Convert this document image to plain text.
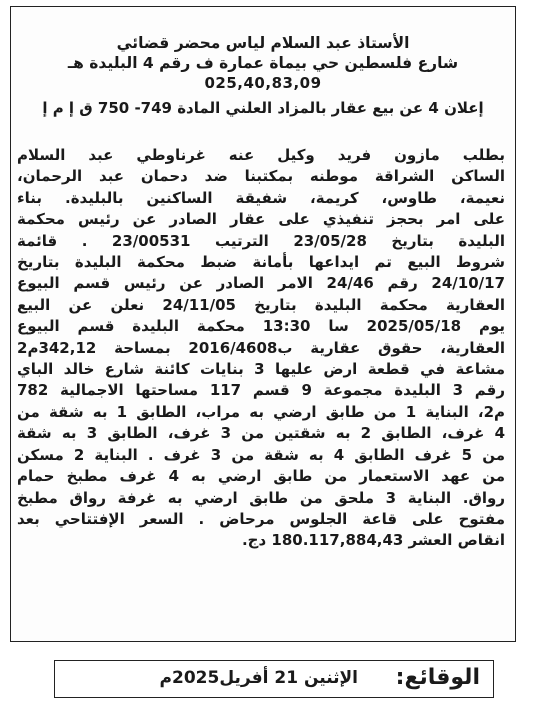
الأستاذ عبد السلام لياس محضر قضائي
شارع فلسطين حي بيماة عمارة ف رقم 4 البليدة هـ
025,40,83,09
إعلان 4 عن بيع عقار بالمزاد العلني المادة 749- 750 ق إ م إ
بطلب مازون فريد وكيل عنه غرناوطي عبد السلام
الساكن الشراقة موطنه بمكتبنا ضد دحمان عبد الرحمان،
نعيمة، طاوس، كريمة، شفيقة الساكنين بالبليدة. بناء
على امر بحجز تنفيذي على عقار الصادر عن رئيس محكمة
البليدة بتاريخ 23/05/28 الترتيب 23/00531 . قائمة
شروط البيع تم ايداعها بأمانة ضبط محكمة البليدة بتاريخ
24/10/17 رقم 24/46 الامر الصادر عن رئيس قسم البيوع
العقارية محكمة البليدة بتاريخ 24/11/05 نعلن عن البيع
يوم 2025/05/18 سا 13:30 محكمة البليدة قسم البيوع
العقارية، حقوق عقارية ب2016/4608 بمساحة 342,12م2
مشاعة في قطعة ارض عليها 3 بنايات كائنة شارع خالد الباي
رقم 3 البليدة مجموعة 9 قسم 117 مساحتها الاجمالية 782
م2، البناية 1 من طابق ارضي به مراب، الطابق 1 به شقة من
4 غرف، الطابق 2 به شقتين من 3 غرف، الطابق 3 به شقة
من 5 غرف الطابق 4 به شقة من 3 غرف . البناية 2 مسكن
من عهد الاستعمار من طابق ارضي به 4 غرف مطبخ حمام
رواق. البناية 3 ملحق من طابق ارضي به غرفة رواق مطبخ
مفتوح على قاعة الجلوس مرحاض . السعر الإفتتاحي بعد
انقاص العشر 180.117,884,43 دج.
الوقائع:
الإثنين 21 أفريل2025م
